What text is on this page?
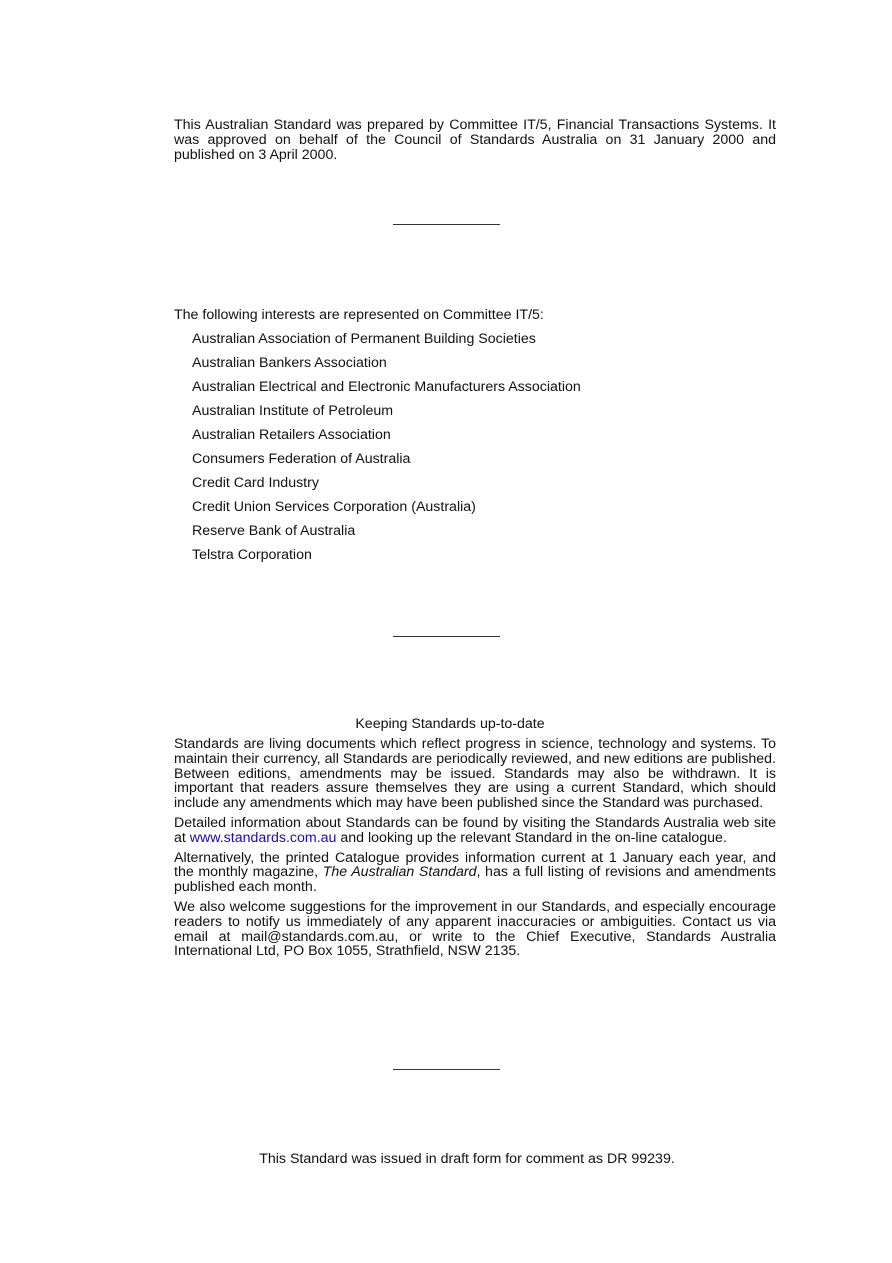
This Australian Standard was prepared by Committee IT/5, Financial Transactions Systems. It was approved on behalf of the Council of Standards Australia on 31 January 2000 and published on 3 April 2000.
The following interests are represented on Committee IT/5:
Australian Association of Permanent Building Societies
Australian Bankers Association
Australian Electrical and Electronic Manufacturers Association
Australian Institute of Petroleum
Australian Retailers Association
Consumers Federation of Australia
Credit Card Industry
Credit Union Services Corporation (Australia)
Reserve Bank of Australia
Telstra Corporation
Keeping Standards up-to-date

Standards are living documents which reflect progress in science, technology and systems. To maintain their currency, all Standards are periodically reviewed, and new editions are published. Between editions, amendments may be issued. Standards may also be withdrawn. It is important that readers assure themselves they are using a current Standard, which should include any amendments which may have been published since the Standard was purchased.

Detailed information about Standards can be found by visiting the Standards Australia web site at www.standards.com.au and looking up the relevant Standard in the on-line catalogue.

Alternatively, the printed Catalogue provides information current at 1 January each year, and the monthly magazine, The Australian Standard, has a full listing of revisions and amendments published each month.

We also welcome suggestions for the improvement in our Standards, and especially encourage readers to notify us immediately of any apparent inaccuracies or ambiguities. Contact us via email at mail@standards.com.au, or write to the Chief Executive, Standards Australia International Ltd, PO Box 1055, Strathfield, NSW 2135.

This Standard was issued in draft form for comment as DR 99239.
